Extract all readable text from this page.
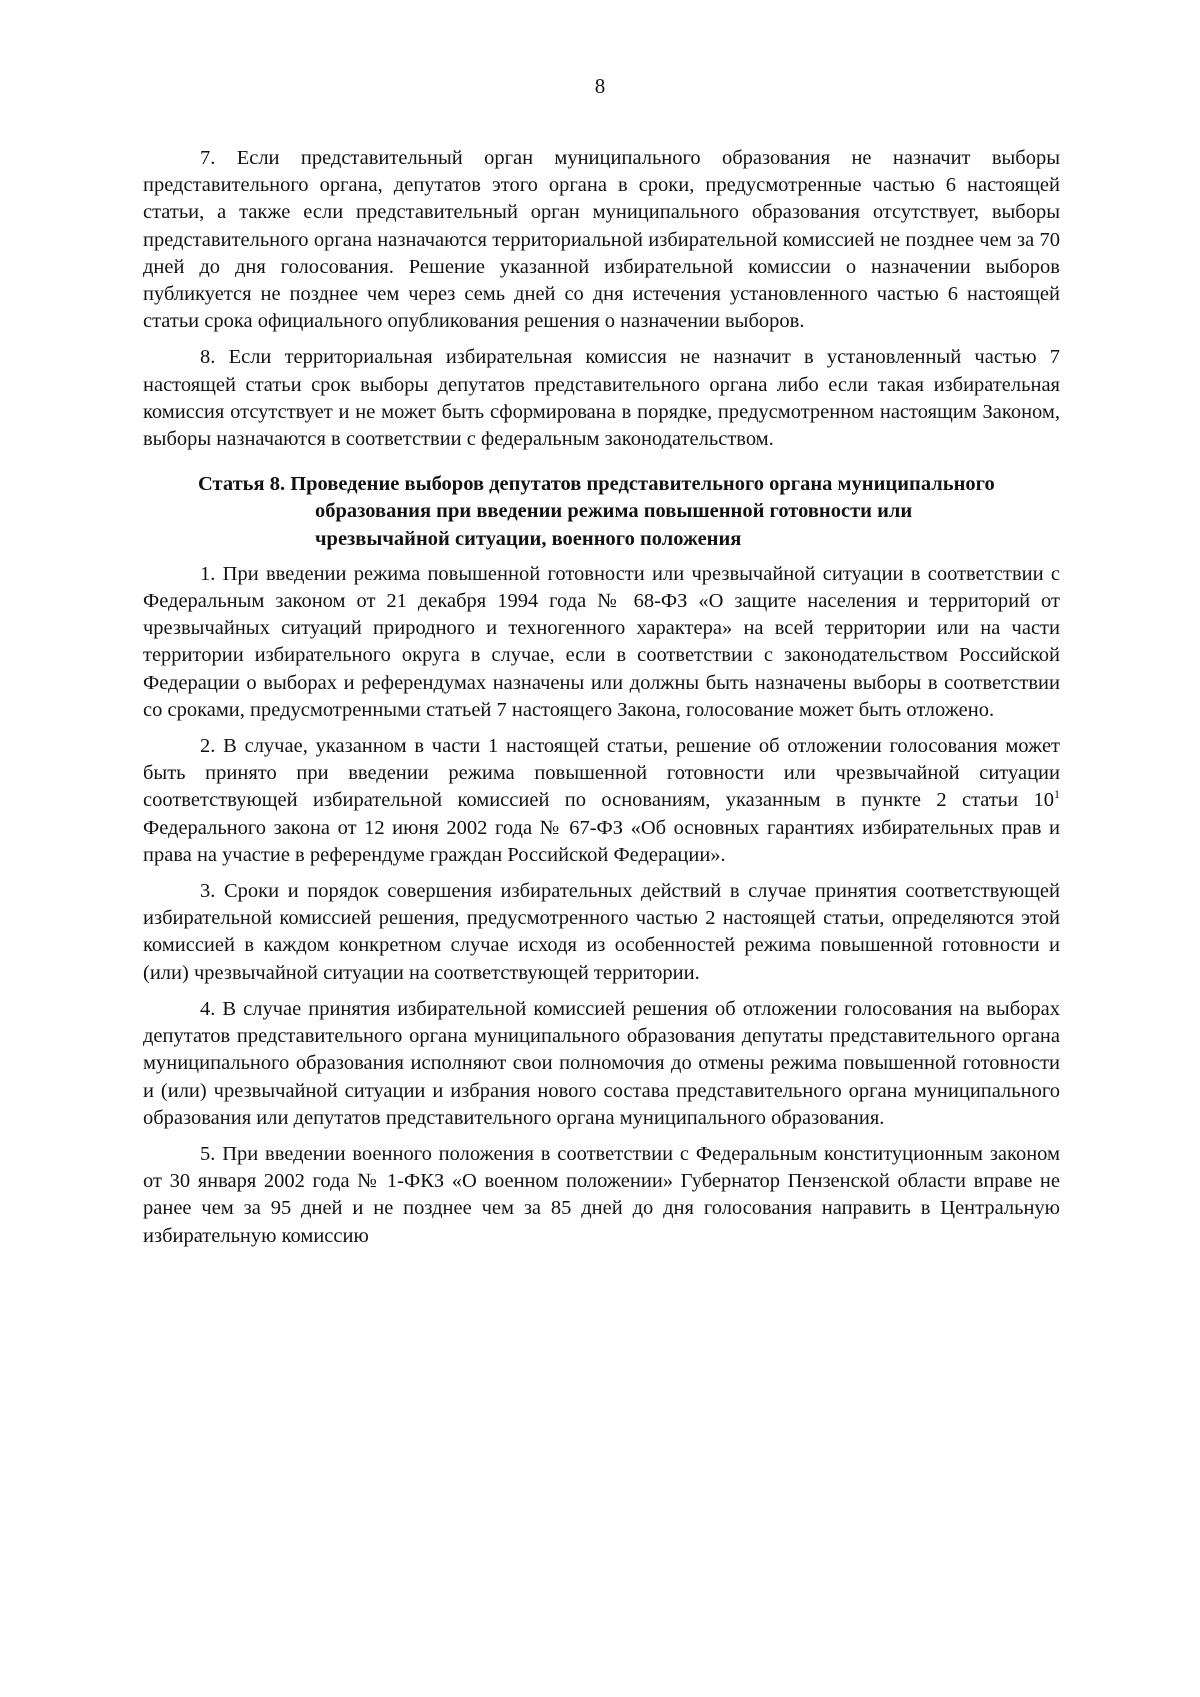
8

7. Если представительный орган муниципального образования не назначит выборы представительного органа, депутатов этого органа в сроки, предусмотренные частью 6 настоящей статьи, а также если представительный орган муниципального образования отсутствует, выборы представительного органа назначаются территориальной избирательной комиссией не позднее чем за 70 дней до дня голосования. Решение указанной избирательной комиссии о назначении выборов публикуется не позднее чем через семь дней со дня истечения установленного частью 6 настоящей статьи срока официального опубликования решения о назначении выборов.

8. Если территориальная избирательная комиссия не назначит в установленный частью 7 настоящей статьи срок выборы депутатов представительного органа либо если такая избирательная комиссия отсутствует и не может быть сформирована в порядке, предусмотренном настоящим Законом, выборы назначаются в соответствии с федеральным законодательством.

Статья 8. Проведение выборов депутатов представительного органа муниципального образования при введении режима повышенной готовности или чрезвычайной ситуации, военного положения

1. При введении режима повышенной готовности или чрезвычайной ситуации в соответствии с Федеральным законом от 21 декабря 1994 года № 68-ФЗ «О защите населения и территорий от чрезвычайных ситуаций природного и техногенного характера» на всей территории или на части территории избирательного округа в случае, если в соответствии с законодательством Российской Федерации о выборах и референдумах назначены или должны быть назначены выборы в соответствии со сроками, предусмотренными статьей 7 настоящего Закона, голосование может быть отложено.

2. В случае, указанном в части 1 настоящей статьи, решение об отложении голосования может быть принято при введении режима повышенной готовности или чрезвычайной ситуации соответствующей избирательной комиссией по основаниям, указанным в пункте 2 статьи $10^1$ Федерального закона от 12 июня 2002 года № 67-ФЗ «Об основных гарантиях избирательных прав и права на участие в референдуме граждан Российской Федерации».

3. Сроки и порядок совершения избирательных действий в случае принятия соответствующей избирательной комиссией решения, предусмотренного частью 2 настоящей статьи, определяются этой комиссией в каждом конкретном случае исходя из особенностей режима повышенной готовности и (или) чрезвычайной ситуации на соответствующей территории.

4. В случае принятия избирательной комиссией решения об отложении голосования на выборах депутатов представительного органа муниципального образования депутаты представительного органа муниципального образования исполняют свои полномочия до отмены режима повышенной готовности и (или) чрезвычайной ситуации и избрания нового состава представительного органа муниципального образования или депутатов представительного органа муниципального образования.

5. При введении военного положения в соответствии с Федеральным конституционным законом от 30 января 2002 года № 1-ФКЗ «О военном положении» Губернатор Пензенской области вправе не ранее чем за 95 дней и не позднее чем за 85 дней до дня голосования направить в Центральную избирательную комиссию
